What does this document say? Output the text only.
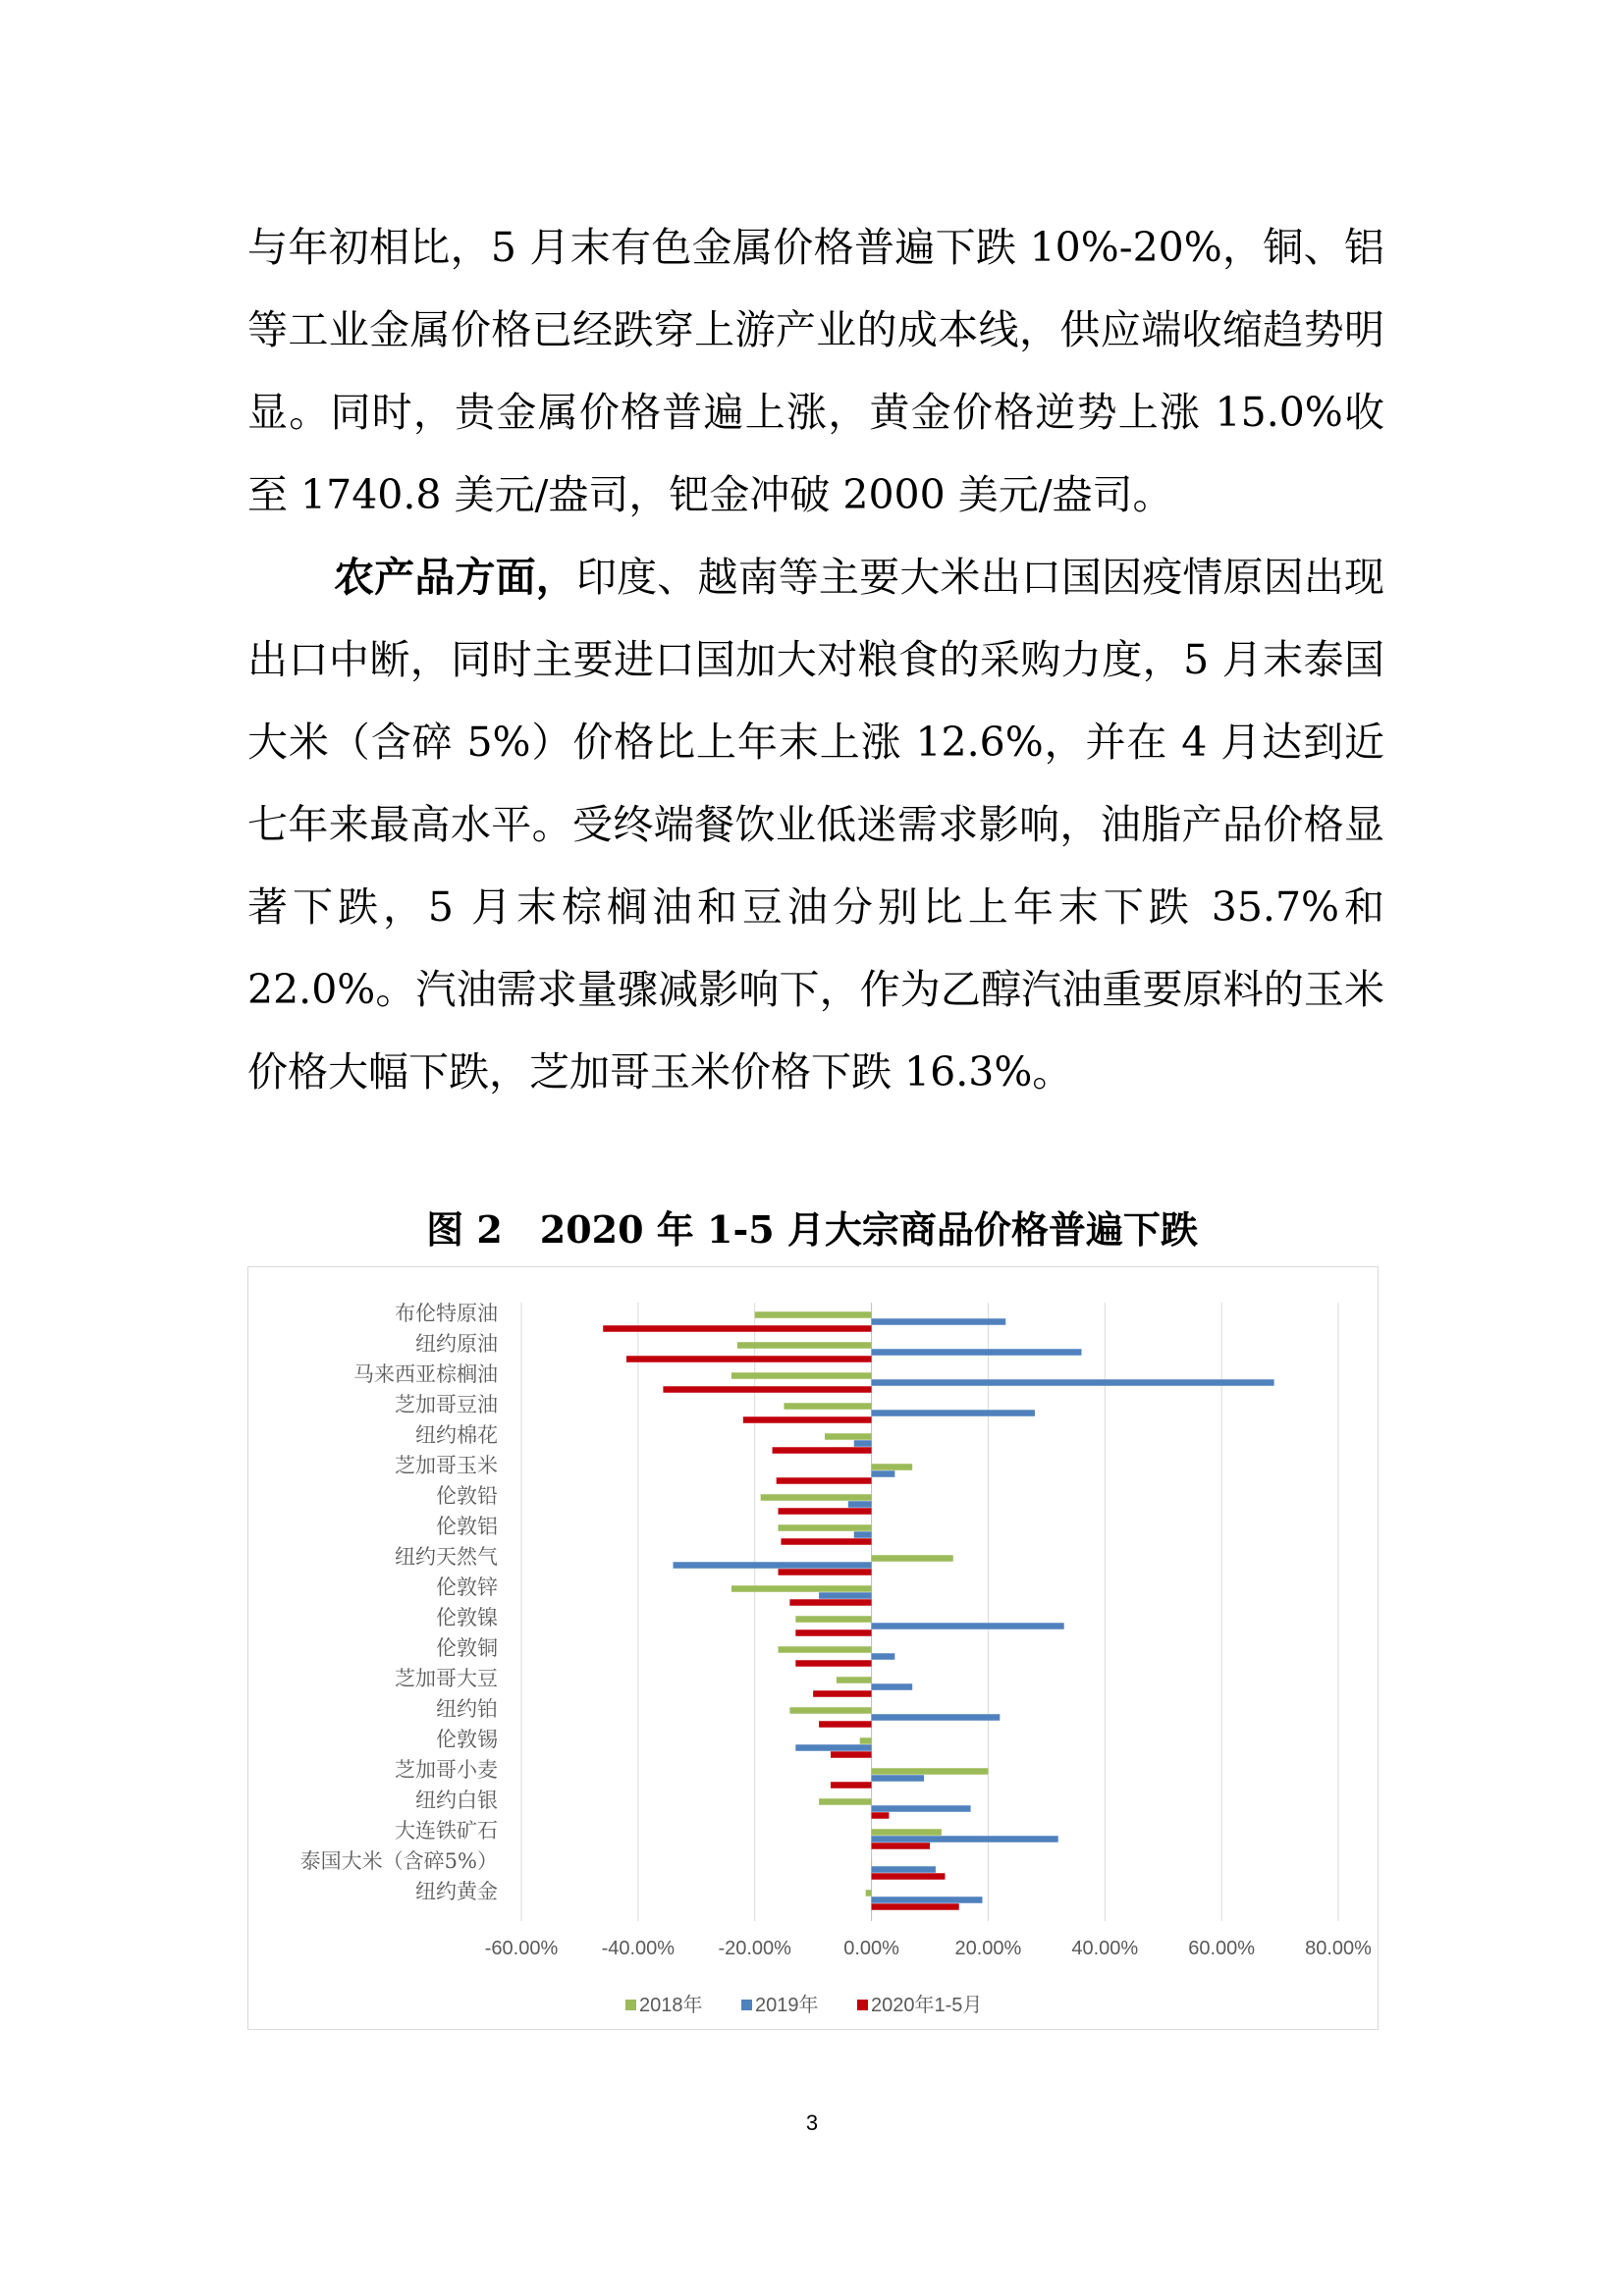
与年初相比，5 月末有色金属价格普遍下跌 10%-20%，铜、铝等工业金属价格已经跌穿上游产业的成本线，供应端收缩趋势明显。同时，贵金属价格普遍上涨，黄金价格逆势上涨 15.0%收至 1740.8 美元/盎司，钯金冲破 2000 美元/盎司。

农产品方面，印度、越南等主要大米出口国因疫情原因出现出口中断，同时主要进口国加大对粮食的采购力度，5 月末泰国大米（含碎 5%）价格比上年末上涨 12.6%，并在 4 月达到近七年来最高水平。受终端餐饮业低迷需求影响，油脂产品价格显著下跌，5 月末棕榈油和豆油分别比上年末下跌 35.7%和 22.0%。汽油需求量骤减影响下，作为乙醇汽油重要原料的玉米价格大幅下跌，芝加哥玉米价格下跌 16.3%。

图 2　2020 年 1-5 月大宗商品价格普遍下跌
布伦特原油
纽约原油
马来西亚棕榈油
芝加哥豆油
纽约棉花
芝加哥玉米
伦敦铅
伦敦铝
纽约天然气
伦敦锌
伦敦镍
伦敦铜
芝加哥大豆
纽约铂
伦敦锡
芝加哥小麦
纽约白银
大连铁矿石
泰国大米（含碎5%）
纽约黄金
-60.00% -40.00% -20.00%	0.00%	20.00%	40.00%	60.00%	80.00%
2018年	2019年	2020年1-5月
3
